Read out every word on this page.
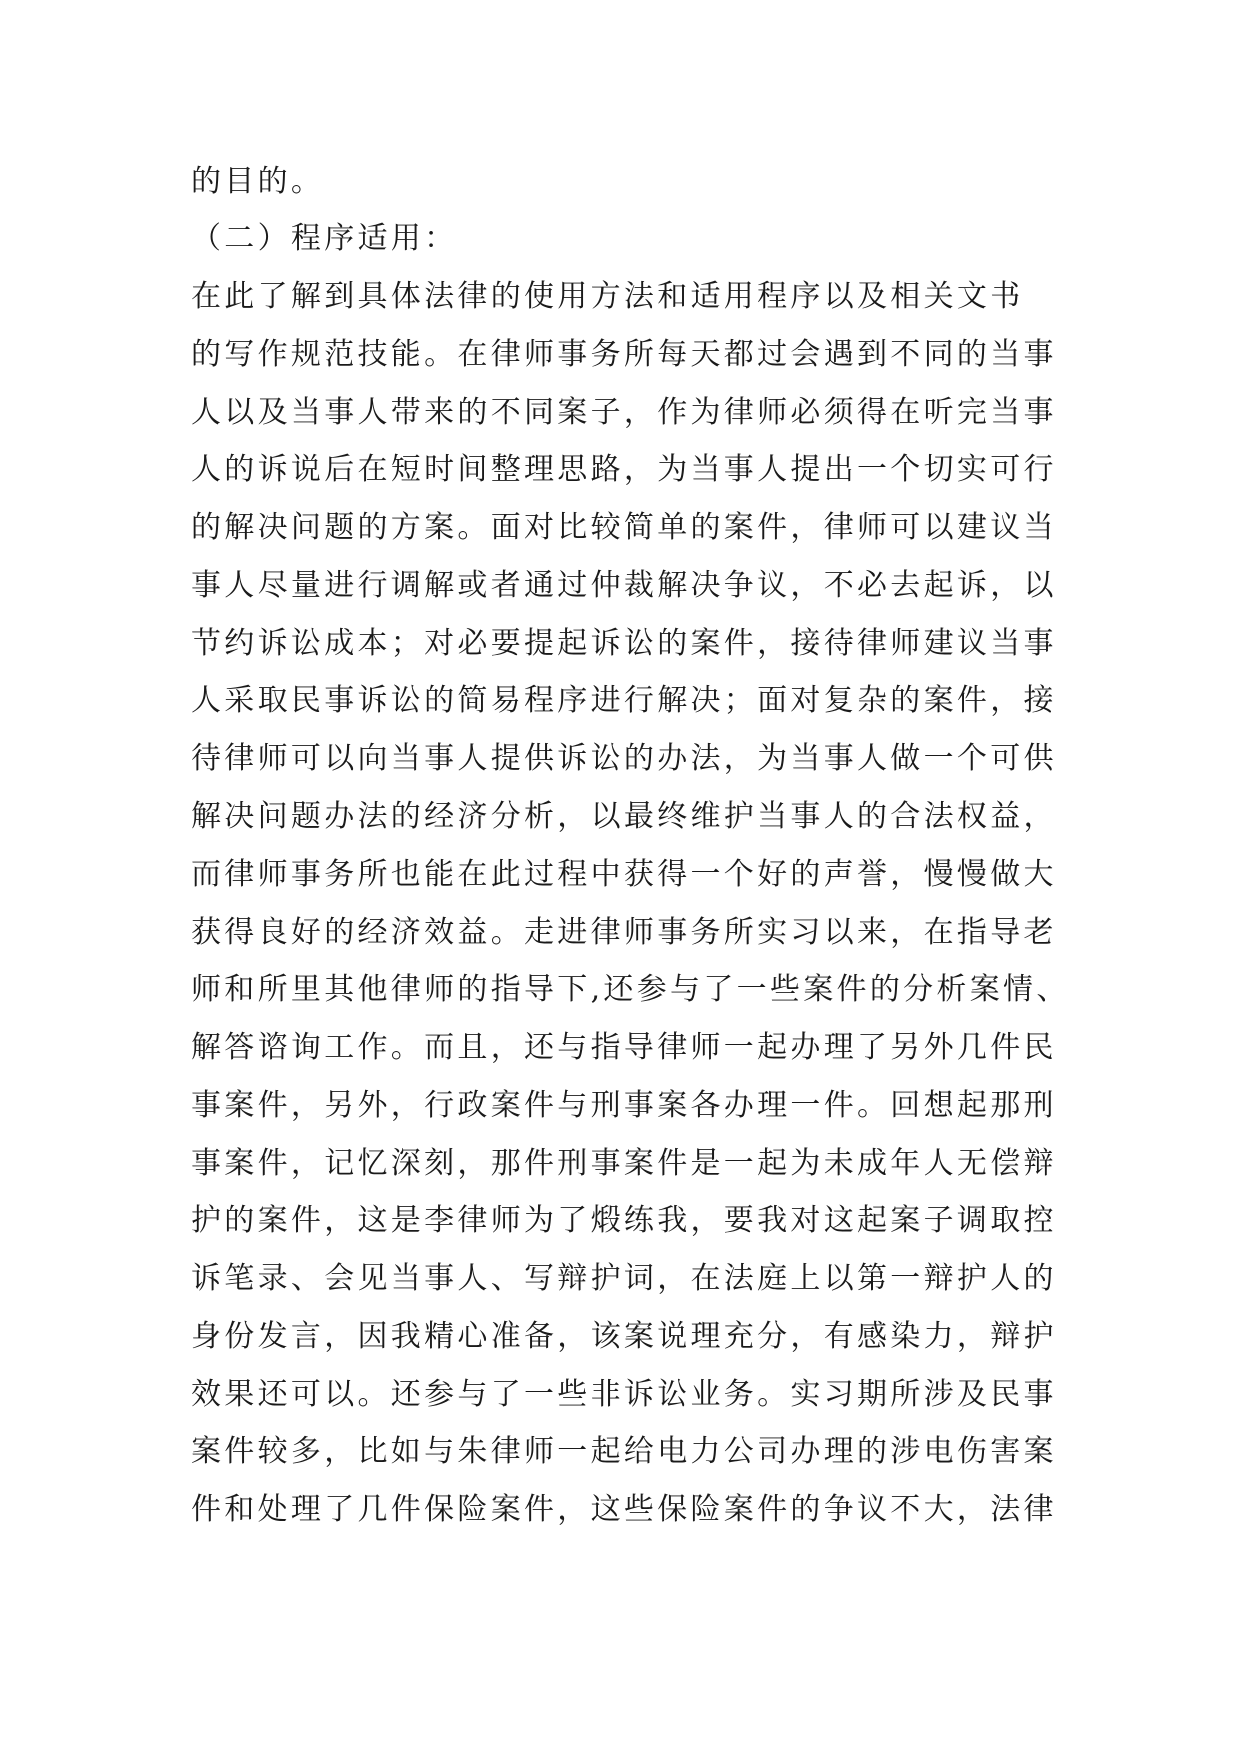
的目的。

（二）程序适用：

在此了解到具体法律的使用方法和适用程序以及相关文书

的写作规范技能。在律师事务所每天都过会遇到不同的当事

人以及当事人带来的不同案子，作为律师必须得在听完当事

人的诉说后在短时间整理思路，为当事人提出一个切实可行

的解决问题的方案。面对比较简单的案件，律师可以建议当

事人尽量进行调解或者通过仲裁解决争议，不必去起诉，以

节约诉讼成本；对必要提起诉讼的案件，接待律师建议当事

人采取民事诉讼的简易程序进行解决；面对复杂的案件，接

待律师可以向当事人提供诉讼的办法，为当事人做一个可供

解决问题办法的经济分析，以最终维护当事人的合法权益，

而律师事务所也能在此过程中获得一个好的声誉，慢慢做大

获得良好的经济效益。走进律师事务所实习以来，在指导老

师和所里其他律师的指导下,还参与了一些案件的分析案情、

解答谘询工作。而且，还与指导律师一起办理了另外几件民

事案件，另外，行政案件与刑事案各办理一件。回想起那刑

事案件，记忆深刻，那件刑事案件是一起为未成年人无偿辩

护的案件，这是李律师为了煅练我，要我对这起案子调取控

诉笔录、会见当事人、写辩护词，在法庭上以第一辩护人的

身份发言，因我精心准备，该案说理充分，有感染力，辩护

效果还可以。还参与了一些非诉讼业务。实习期所涉及民事

案件较多，比如与朱律师一起给电力公司办理的涉电伤害案

件和处理了几件保险案件，这些保险案件的争议不大，法律
